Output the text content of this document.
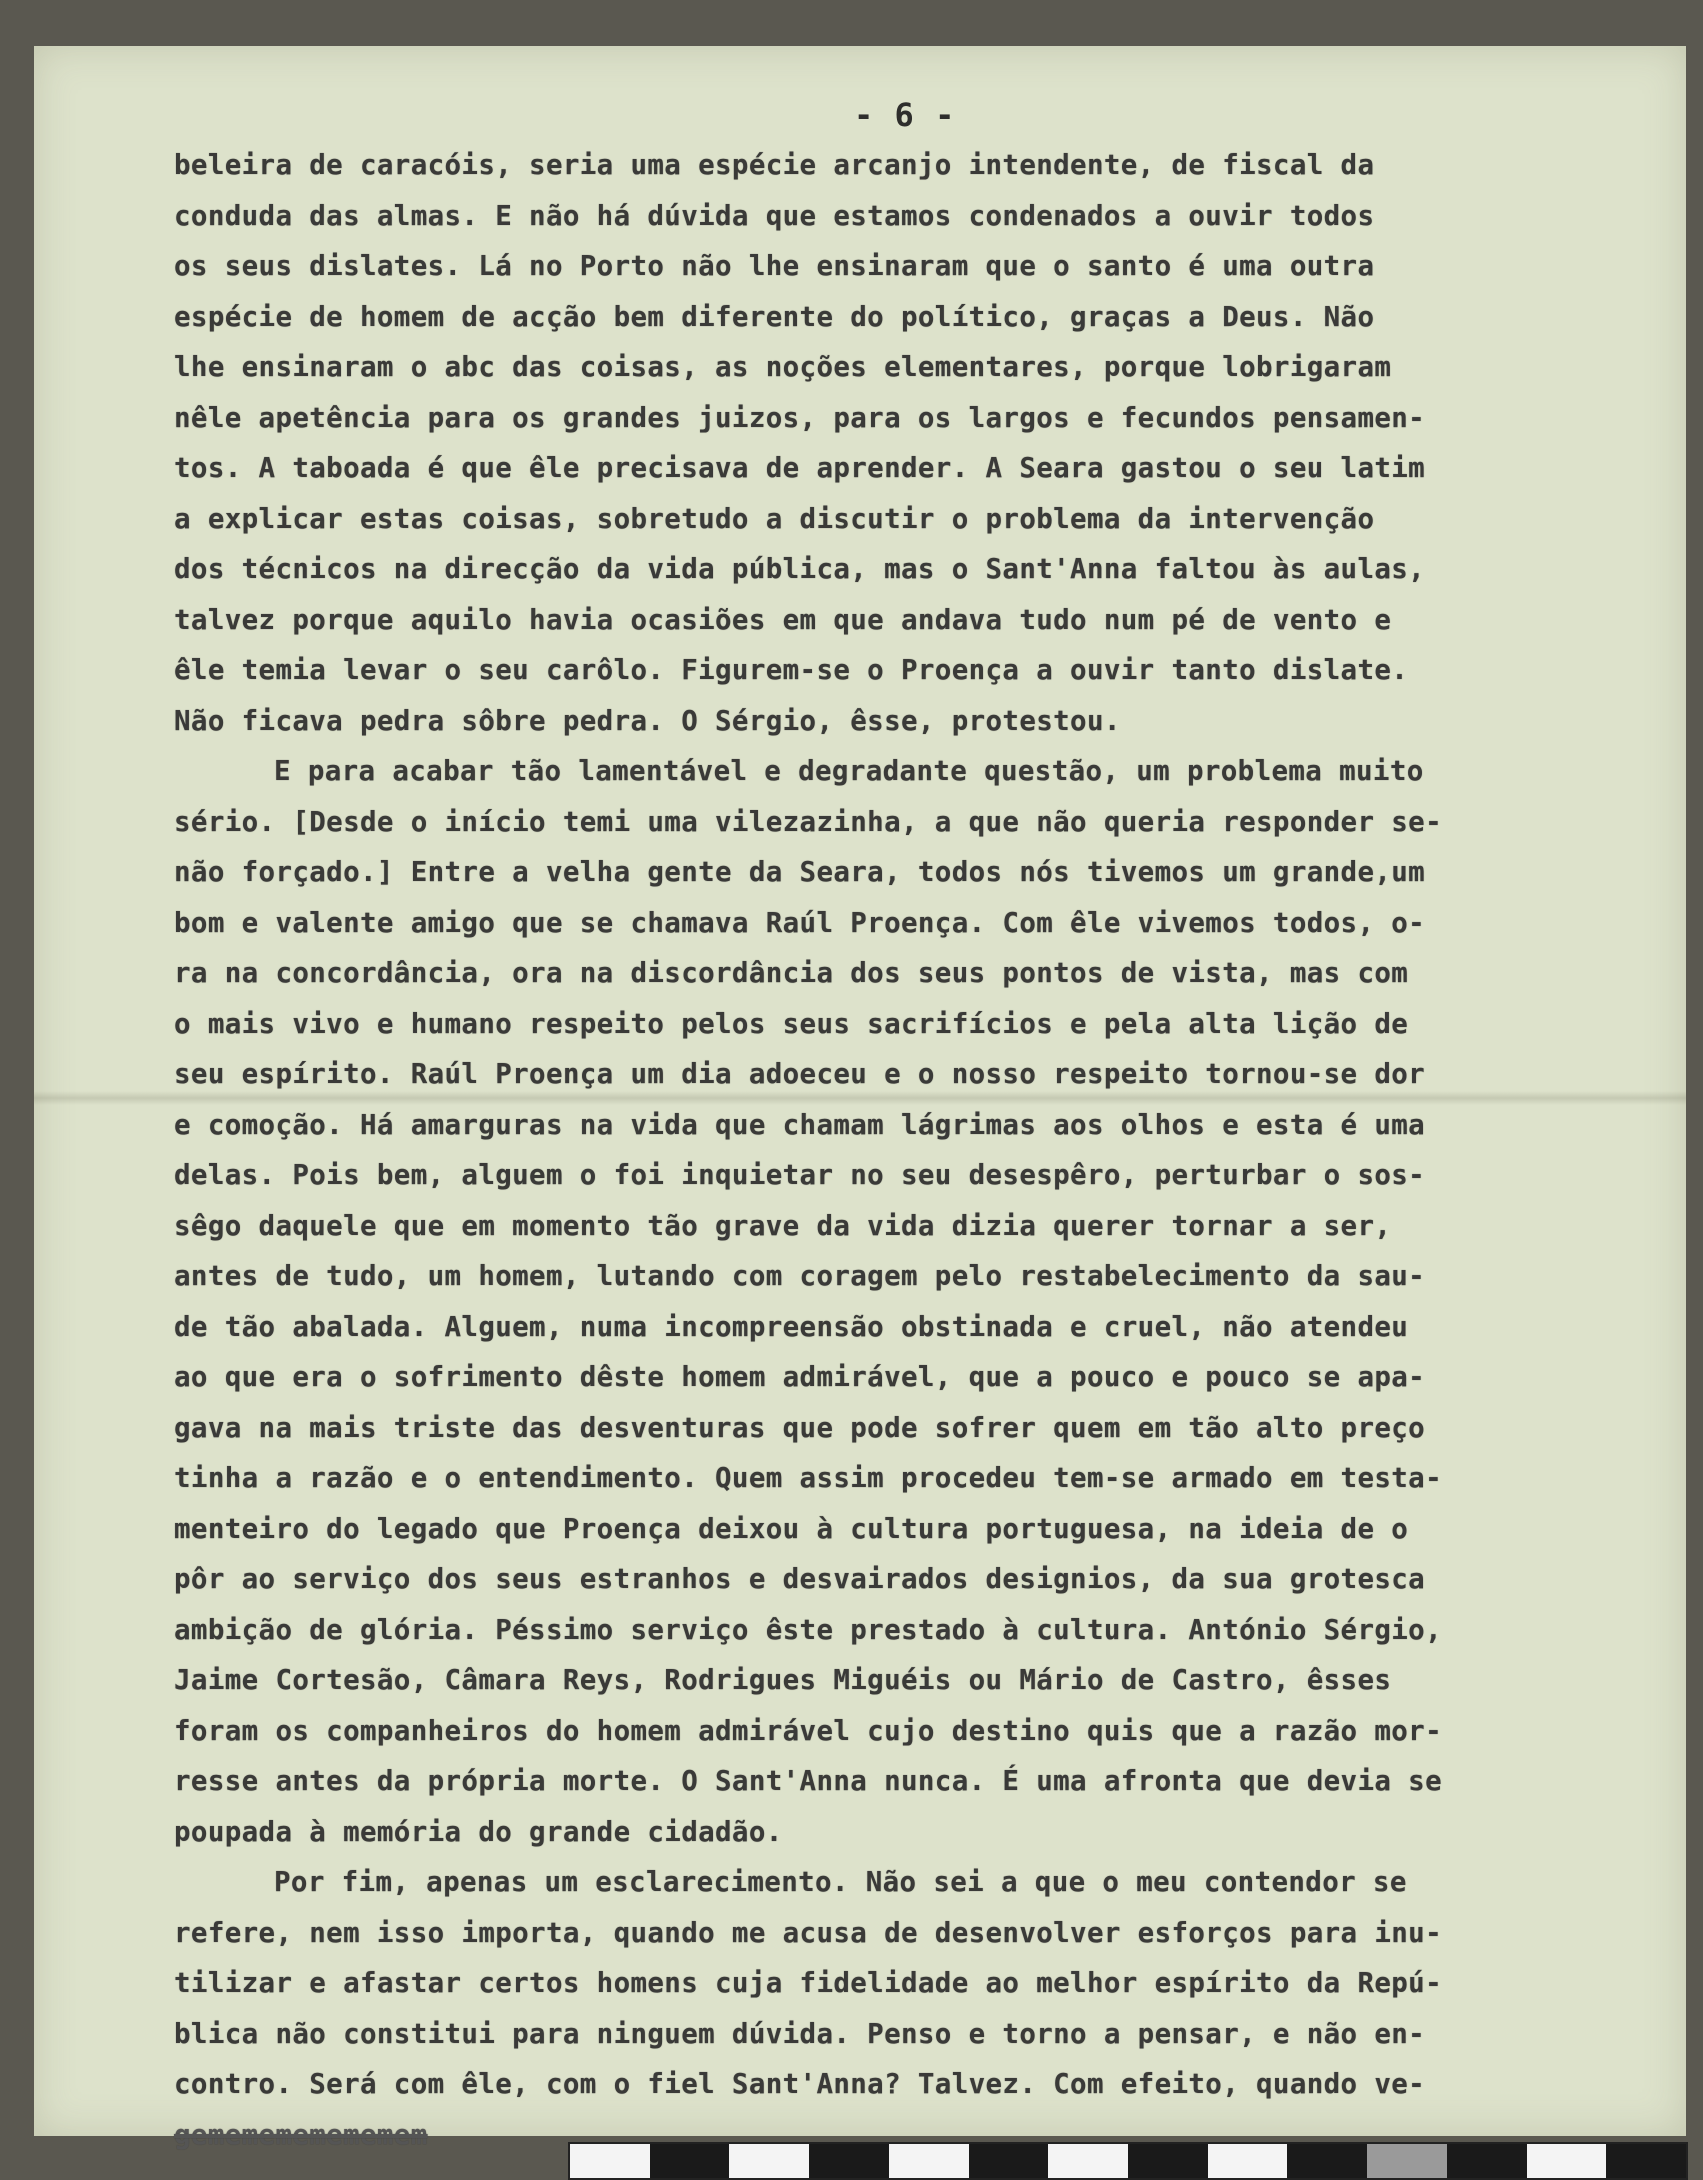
- 6 -
beleira de caracóis, seria uma espécie arcanjo intendente, de fiscal da
conduda das almas. E não há dúvida que estamos condenados a ouvir todos
os seus dislates. Lá no Porto não lhe ensinaram que o santo é uma outra
espécie de homem de acção bem diferente do político, graças a Deus. Não
lhe ensinaram o abc das coisas, as noções elementares, porque lobrigaram
nêle apetência para os grandes juizos, para os largos e fecundos pensamen-
tos. A taboada é que êle precisava de aprender. A Seara gastou o seu latim
a explicar estas coisas, sobretudo a discutir o problema da intervenção
dos técnicos na direcção da vida pública, mas o Sant'Anna faltou às aulas,
talvez porque aquilo havia ocasiões em que andava tudo num pé de vento e
êle temia levar o seu carôlo. Figurem-se o Proença a ouvir tanto dislate.
Não ficava pedra sôbre pedra. O Sérgio, êsse, protestou.
E para acabar tão lamentável e degradante questão, um problema muito
sério. [Desde o início temi uma vilezazinha, a que não queria responder se-
não forçado.] Entre a velha gente da Seara, todos nós tivemos um grande,um
bom e valente amigo que se chamava Raúl Proença. Com êle vivemos todos, o-
ra na concordância, ora na discordância dos seus pontos de vista, mas com
o mais vivo e humano respeito pelos seus sacrifícios e pela alta lição de
seu espírito. Raúl Proença um dia adoeceu e o nosso respeito tornou-se dor
e comoção. Há amarguras na vida que chamam lágrimas aos olhos e esta é uma
delas. Pois bem, alguem o foi inquietar no seu desespêro, perturbar o sos-
sêgo daquele que em momento tão grave da vida dizia querer tornar a ser,
antes de tudo, um homem, lutando com coragem pelo restabelecimento da sau-
de tão abalada. Alguem, numa incompreensão obstinada e cruel, não atendeu
ao que era o sofrimento dêste homem admirável, que a pouco e pouco se apa-
gava na mais triste das desventuras que pode sofrer quem em tão alto preço
tinha a razão e o entendimento. Quem assim procedeu tem-se armado em testa-
menteiro do legado que Proença deixou à cultura portuguesa, na ideia de o
pôr ao serviço dos seus estranhos e desvairados designios, da sua grotesca
ambição de glória. Péssimo serviço êste prestado à cultura. António Sérgio,
Jaime Cortesão, Câmara Reys, Rodrigues Miguéis ou Mário de Castro, êsses
foram os companheiros do homem admirável cujo destino quis que a razão mor-
resse antes da própria morte. O Sant'Anna nunca. É uma afronta que devia se
poupada à memória do grande cidadão.
Por fim, apenas um esclarecimento. Não sei a que o meu contendor se
refere, nem isso importa, quando me acusa de desenvolver esforços para inu-
tilizar e afastar certos homens cuja fidelidade ao melhor espírito da Repú-
blica não constitui para ninguem dúvida. Penso e torno a pensar, e não en-
contro. Será com êle, com o fiel Sant'Anna? Talvez. Com efeito, quando ve-
gememememememem
